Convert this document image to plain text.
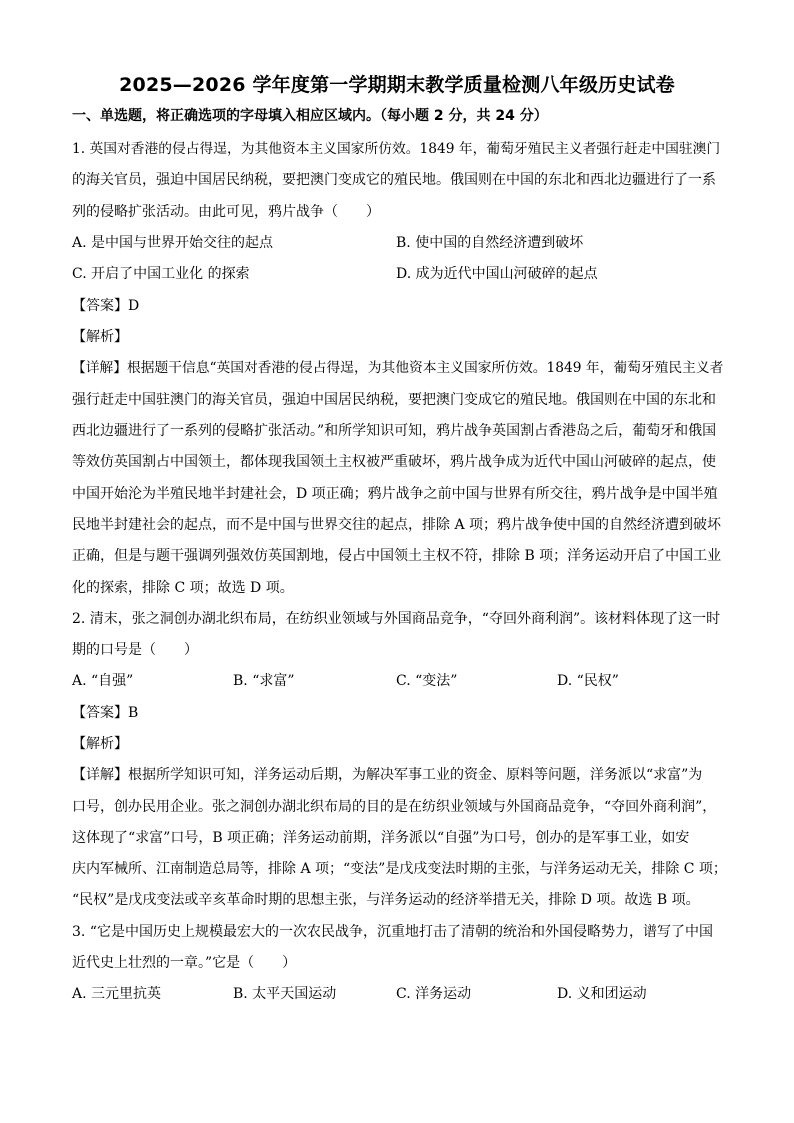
2025—2026 学年度第一学期期末教学质量检测八年级历史试卷
一、单选题，将正确选项的字母填入相应区域内。（每小题 2 分，共 24 分）
1. 英国对香港的侵占得逞，为其他资本主义国家所仿效。1849 年，葡萄牙殖民主义者强行赶走中国驻澳门
的海关官员，强迫中国居民纳税，要把澳门变成它的殖民地。俄国则在中国的东北和西北边疆进行了一系
列的侵略扩张活动。由此可见，鸦片战争（　　）
A. 是中国与世界开始交往的起点	B. 使中国的自然经济遭到破坏
C. 开启了中国工业化 的探索	D. 成为近代中国山河破碎的起点
【答案】D
【解析】
【详解】根据题干信息“英国对香港的侵占得逞，为其他资本主义国家所仿效。1849 年，葡萄牙殖民主义者
强行赶走中国驻澳门的海关官员，强迫中国居民纳税，要把澳门变成它的殖民地。俄国则在中国的东北和
西北边疆进行了一系列的侵略扩张活动。”和所学知识可知，鸦片战争英国割占香港岛之后，葡萄牙和俄国
等效仿英国割占中国领土，都体现我国领土主权被严重破坏，鸦片战争成为近代中国山河破碎的起点，使
中国开始沦为半殖民地半封建社会，D 项正确；鸦片战争之前中国与世界有所交往，鸦片战争是中国半殖
民地半封建社会的起点，而不是中国与世界交往的起点，排除 A 项；鸦片战争使中国的自然经济遭到破坏
正确，但是与题干强调列强效仿英国割地，侵占中国领土主权不符，排除 B 项；洋务运动开启了中国工业
化的探索，排除 C 项；故选 D 项。
2. 清末，张之洞创办湖北织布局，在纺织业领域与外国商品竞争，“夺回外商利润”。该材料体现了这一时
期的口号是（　　）
A. “自强”	B. “求富”	C. “变法”	D. “民权”
【答案】B
【解析】
【详解】根据所学知识可知，洋务运动后期，为解决军事工业的资金、原料等问题，洋务派以“求富”为
口号，创办民用企业。张之洞创办湖北织布局的目的是在纺织业领域与外国商品竞争，“夺回外商利润”，
这体现了“求富”口号，B 项正确；洋务运动前期，洋务派以“自强”为口号，创办的是军事工业，如安
庆内军械所、江南制造总局等，排除 A 项；“变法”是戊戌变法时期的主张，与洋务运动无关，排除 C 项；
“民权”是戊戌变法或辛亥革命时期的思想主张，与洋务运动的经济举措无关，排除 D 项。故选 B 项。
3. “它是中国历史上规模最宏大的一次农民战争，沉重地打击了清朝的统治和外国侵略势力，谱写了中国
近代史上壮烈的一章。”它是（　　）
A. 三元里抗英	B. 太平天国运动	C. 洋务运动	D. 义和团运动
